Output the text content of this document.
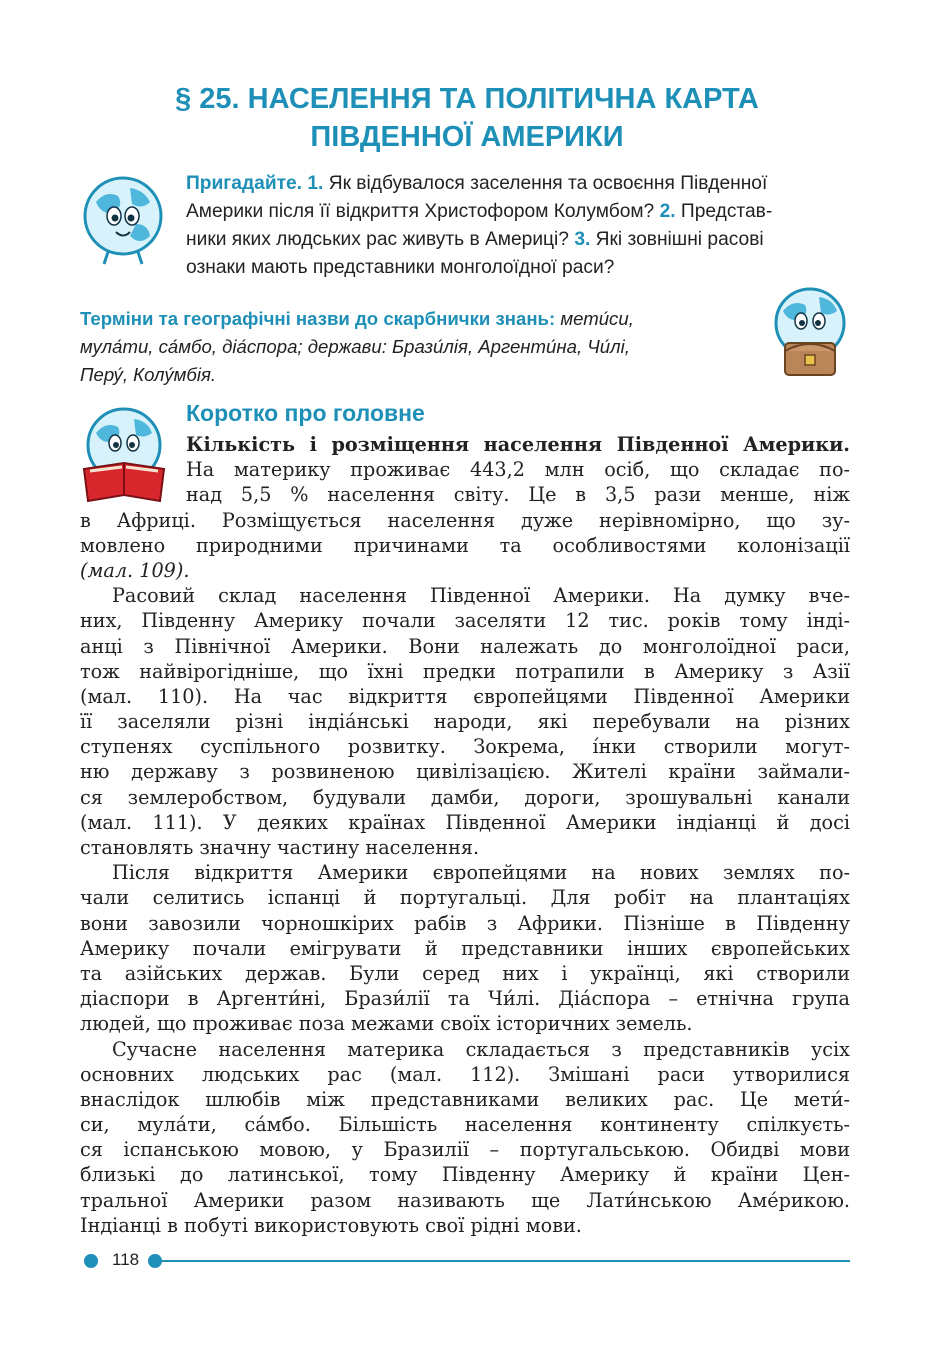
§ 25. НАСЕЛЕННЯ ТА ПОЛІТИЧНА КАРТА
ПІВДЕННОЇ АМЕРИКИ
Пригадайте. 1. Як відбувалося заселення та освоєння Південної
Америки після її відкриття Христофором Колумбом? 2. Представ-
ники яких людських рас живуть в Америці? 3. Які зовнішні расові
ознаки мають представники монголоїдної раси?
Терміни та географічні назви до скарбнички знань: мети́си,
мула́ти, са́мбо, діа́спора; держави: Брази́лія, Аргенти́на, Чи́лі,
Перу́, Колу́мбія.
Коротко про головне
Кількість і розміщення населення Південної Америки.
На материку проживає 443,2 млн осіб, що складає по-
над 5,5 % населення світу. Це в 3,5 рази менше, ніж
в Африці. Розміщується населення дуже нерівномірно, що зу-
мовлено природними причинами та особливостями колонізації
(мал. 109).
Расовий склад населення Південної Америки. На думку вче-
них, Південну Америку почали заселяти 12 тис. років тому інді-
анці з Північної Америки. Вони належать до монголоїдної раси,
тож найвірогідніше, що їхні предки потрапили в Америку з Азії
(мал. 110). На час відкриття європейцями Південної Америки
її заселяли різні індіа́нські народи, які перебували на різних
ступенях суспільного розвитку. Зокрема, і́нки створили могут-
ню державу з розвиненою цивілізацією. Жителі країни займали-
ся землеробством, будували дамби, дороги, зрошувальні канали
(мал. 111). У деяких країнах Південної Америки індіанці й досі
становлять значну частину населення.
Після відкриття Америки європейцями на нових землях по-
чали селитись іспанці й португальці. Для робіт на плантаціях
вони завозили чорношкірих рабів з Африки. Пізніше в Південну
Америку почали емігрувати й представники інших європейських
та азійських держав. Були серед них і українці, які створили
діаспори в Аргенти́ні, Брази́лії та Чи́лі. Діа́спора – етнічна група
людей, що проживає поза межами своїх історичних земель.
Сучасне населення материка складається з представників усіх
основних людських рас (мал. 112). Змішані раси утворилися
внаслідок шлюбів між представниками великих рас. Це мети́-
си, мула́ти, са́мбо. Більшість населення континенту спілкуєть-
ся іспанською мовою, у Бразилії – португальською. Обидві мови
близькі до латинської, тому Південну Америку й країни Цен-
тральної Америки разом називають ще Лати́нською Аме́рикою.
Індіанці в побуті використовують свої рідні мови.
118
